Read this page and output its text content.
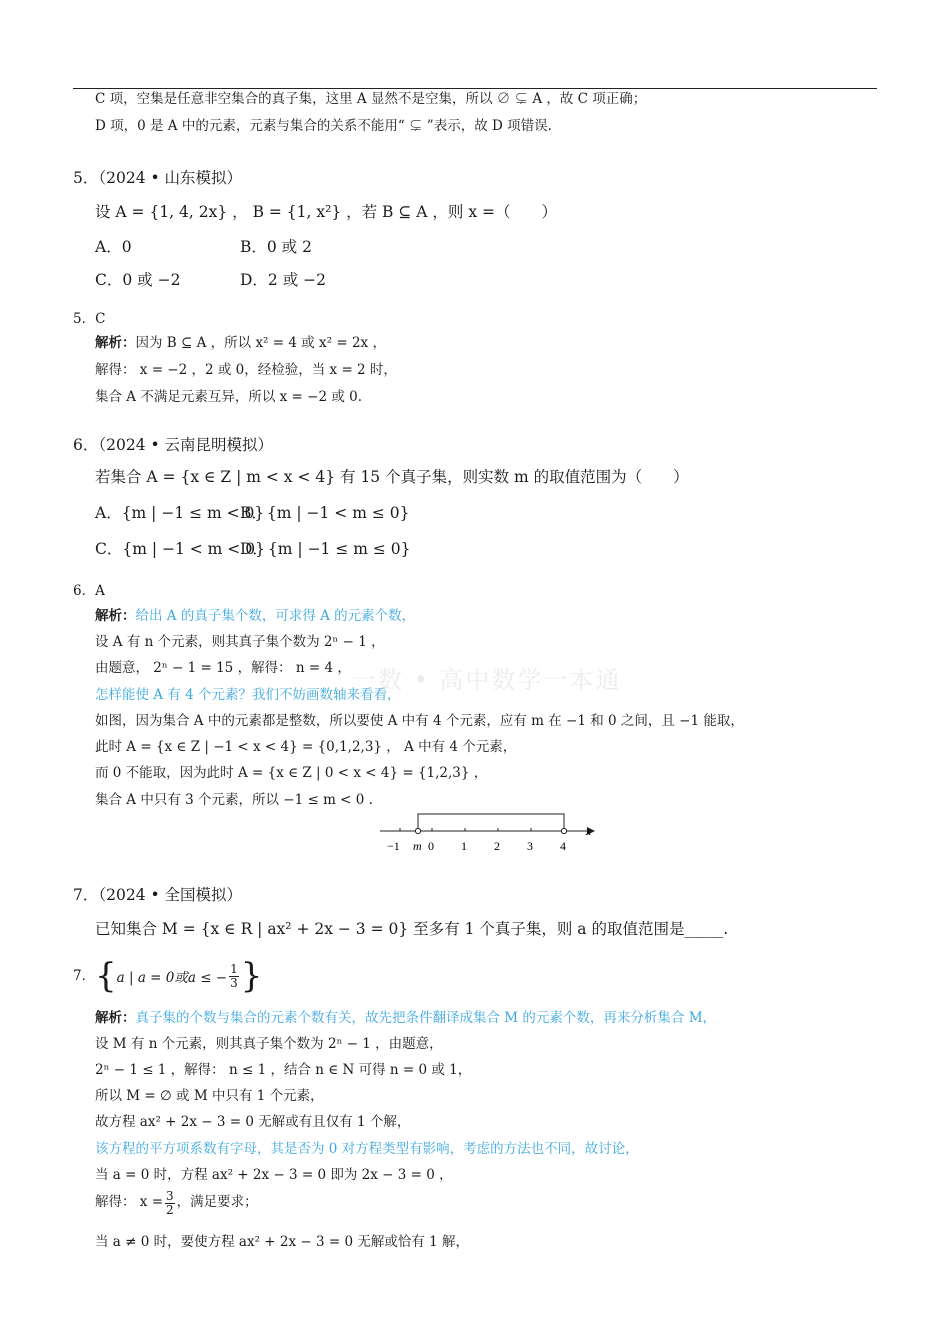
一数 • 高中数学一本通
C 项，空集是任意非空集合的真子集，这里 A 显然不是空集，所以 ∅ ⊊ A ，故 C 项正确；
D 项，0 是 A 中的元素，元素与集合的关系不能用“ ⊊ ”表示，故 D 项错误.
5．（2024 • 山东模拟）
设 A = {1, 4, 2x} ， B = {1, x²} ，若 B ⊆ A ，则 x =（　　）
A．0	B．0 或 2
C．0 或 −2	D．2 或 −2
5．C
解析：因为 B ⊆ A ，所以 x² = 4 或 x² = 2x ，
解得： x = −2 ，2 或 0，经检验，当 x = 2 时，
集合 A 不满足元素互异，所以 x = −2 或 0.
6．（2024 • 云南昆明模拟）
若集合 A = {x ∈ Z | m < x < 4} 有 15 个真子集，则实数 m 的取值范围为（　　）
A．{m | −1 ≤ m < 0}
B．{m | −1 < m ≤ 0}
C．{m | −1 < m < 0}
D．{m | −1 ≤ m ≤ 0}
6．A
解析：给出 A 的真子集个数，可求得 A 的元素个数，
设 A 有 n 个元素，则其真子集个数为 2ⁿ − 1 ，
由题意， 2ⁿ − 1 = 15 ，解得： n = 4 ，
怎样能使 A 有 4 个元素？我们不妨画数轴来看看，
如图，因为集合 A 中的元素都是整数，所以要使 A 中有 4 个元素，应有 m 在 −1 和 0 之间，且 −1 能取，
此时 A = {x ∈ Z | −1 < x < 4} = {0,1,2,3} ， A 中有 4 个元素，
而 0 不能取，因为此时 A = {x ∈ Z | 0 < x < 4} = {1,2,3} ，
集合 A 中只有 3 个元素，所以 −1 ≤ m < 0 .
x
−1 m 0 1 2 3 4
7．（2024 • 全国模拟）
已知集合 M = {x ∈ R | ax² + 2x − 3 = 0} 至多有 1 个真子集，则 a 的取值范围是_____.
7． { a | a = 0或a ≤ − $\frac{1}{3}$ }
解析：真子集的个数与集合的元素个数有关，故先把条件翻译成集合 M 的元素个数，再来分析集合 M，
设 M 有 n 个元素，则其真子集个数为 2ⁿ − 1 ，由题意，
2ⁿ − 1 ≤ 1 ，解得： n ≤ 1 ，结合 n ∈ N 可得 n = 0 或 1，
所以 M = ∅ 或 M 中只有 1 个元素，
故方程 ax² + 2x − 3 = 0 无解或有且仅有 1 个解，
该方程的平方项系数有字母，其是否为 0 对方程类型有影响，考虑的方法也不同，故讨论，
当 a = 0 时，方程 ax² + 2x − 3 = 0 即为 2x − 3 = 0 ，
解得： $x = \frac{3}{2}$ ，满足要求；
当 a ≠ 0 时，要使方程 ax² + 2x − 3 = 0 无解或恰有 1 解，
